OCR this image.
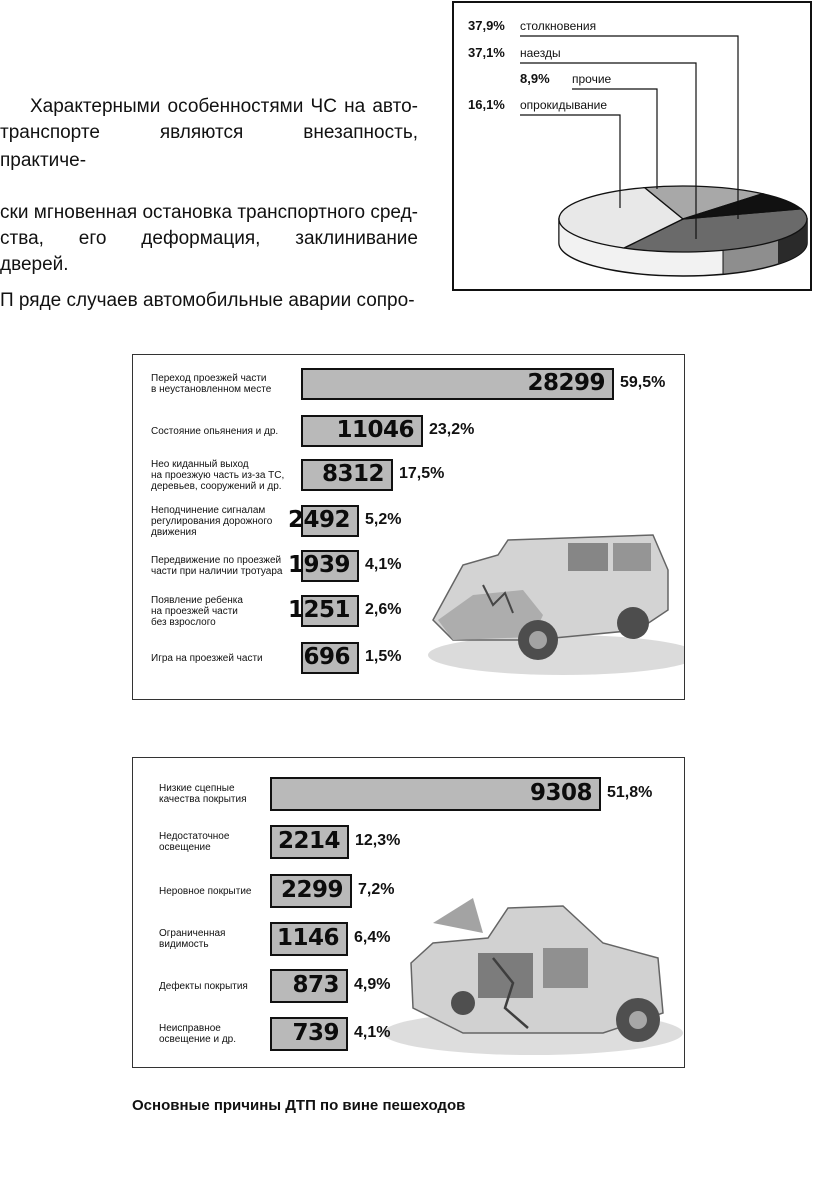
Характерными особенностями ЧС на авто-транспорте являются внезапность,
практиче-
ски мгновенная остановка транспортного сред-ства, его деформация, заклинивание
дверей.
П ряде случаев автомобильные аварии сопро-
37,9% столкновения
37,1% наезды
8,9% прочие
16,1% опрокидывание
Переход проезжей части
в неустановленном месте	28299 59,5%
Состояние опьянения и др.	11046 23,2%
Нео киданный выход
на проезжую часть из-за ТС,
деревьев, сооружений и др.	8312 17,5%
Неподчинение сигналам
регулирования дорожного
движения	2492 5,2%
Передвижение по проезжей
части при наличии тротуара 1939 4,1%
Появление ребенка
на проезжей части
без взрослого	1251 2,6%
Игра на проезжей части	696 1,5%
Низкие сцепные
качества покрытия	9308 51,8%
Недостаточное
освещение	2214 12,3%
Неровное покрытие	2299 7,2%
Ограниченная
видимость	1146 6,4%
Дефекты покрытия	873 4,9%
Неисправное
освещение и др.	739 4,1%
Основные причины ДТП по вине пешеходов
